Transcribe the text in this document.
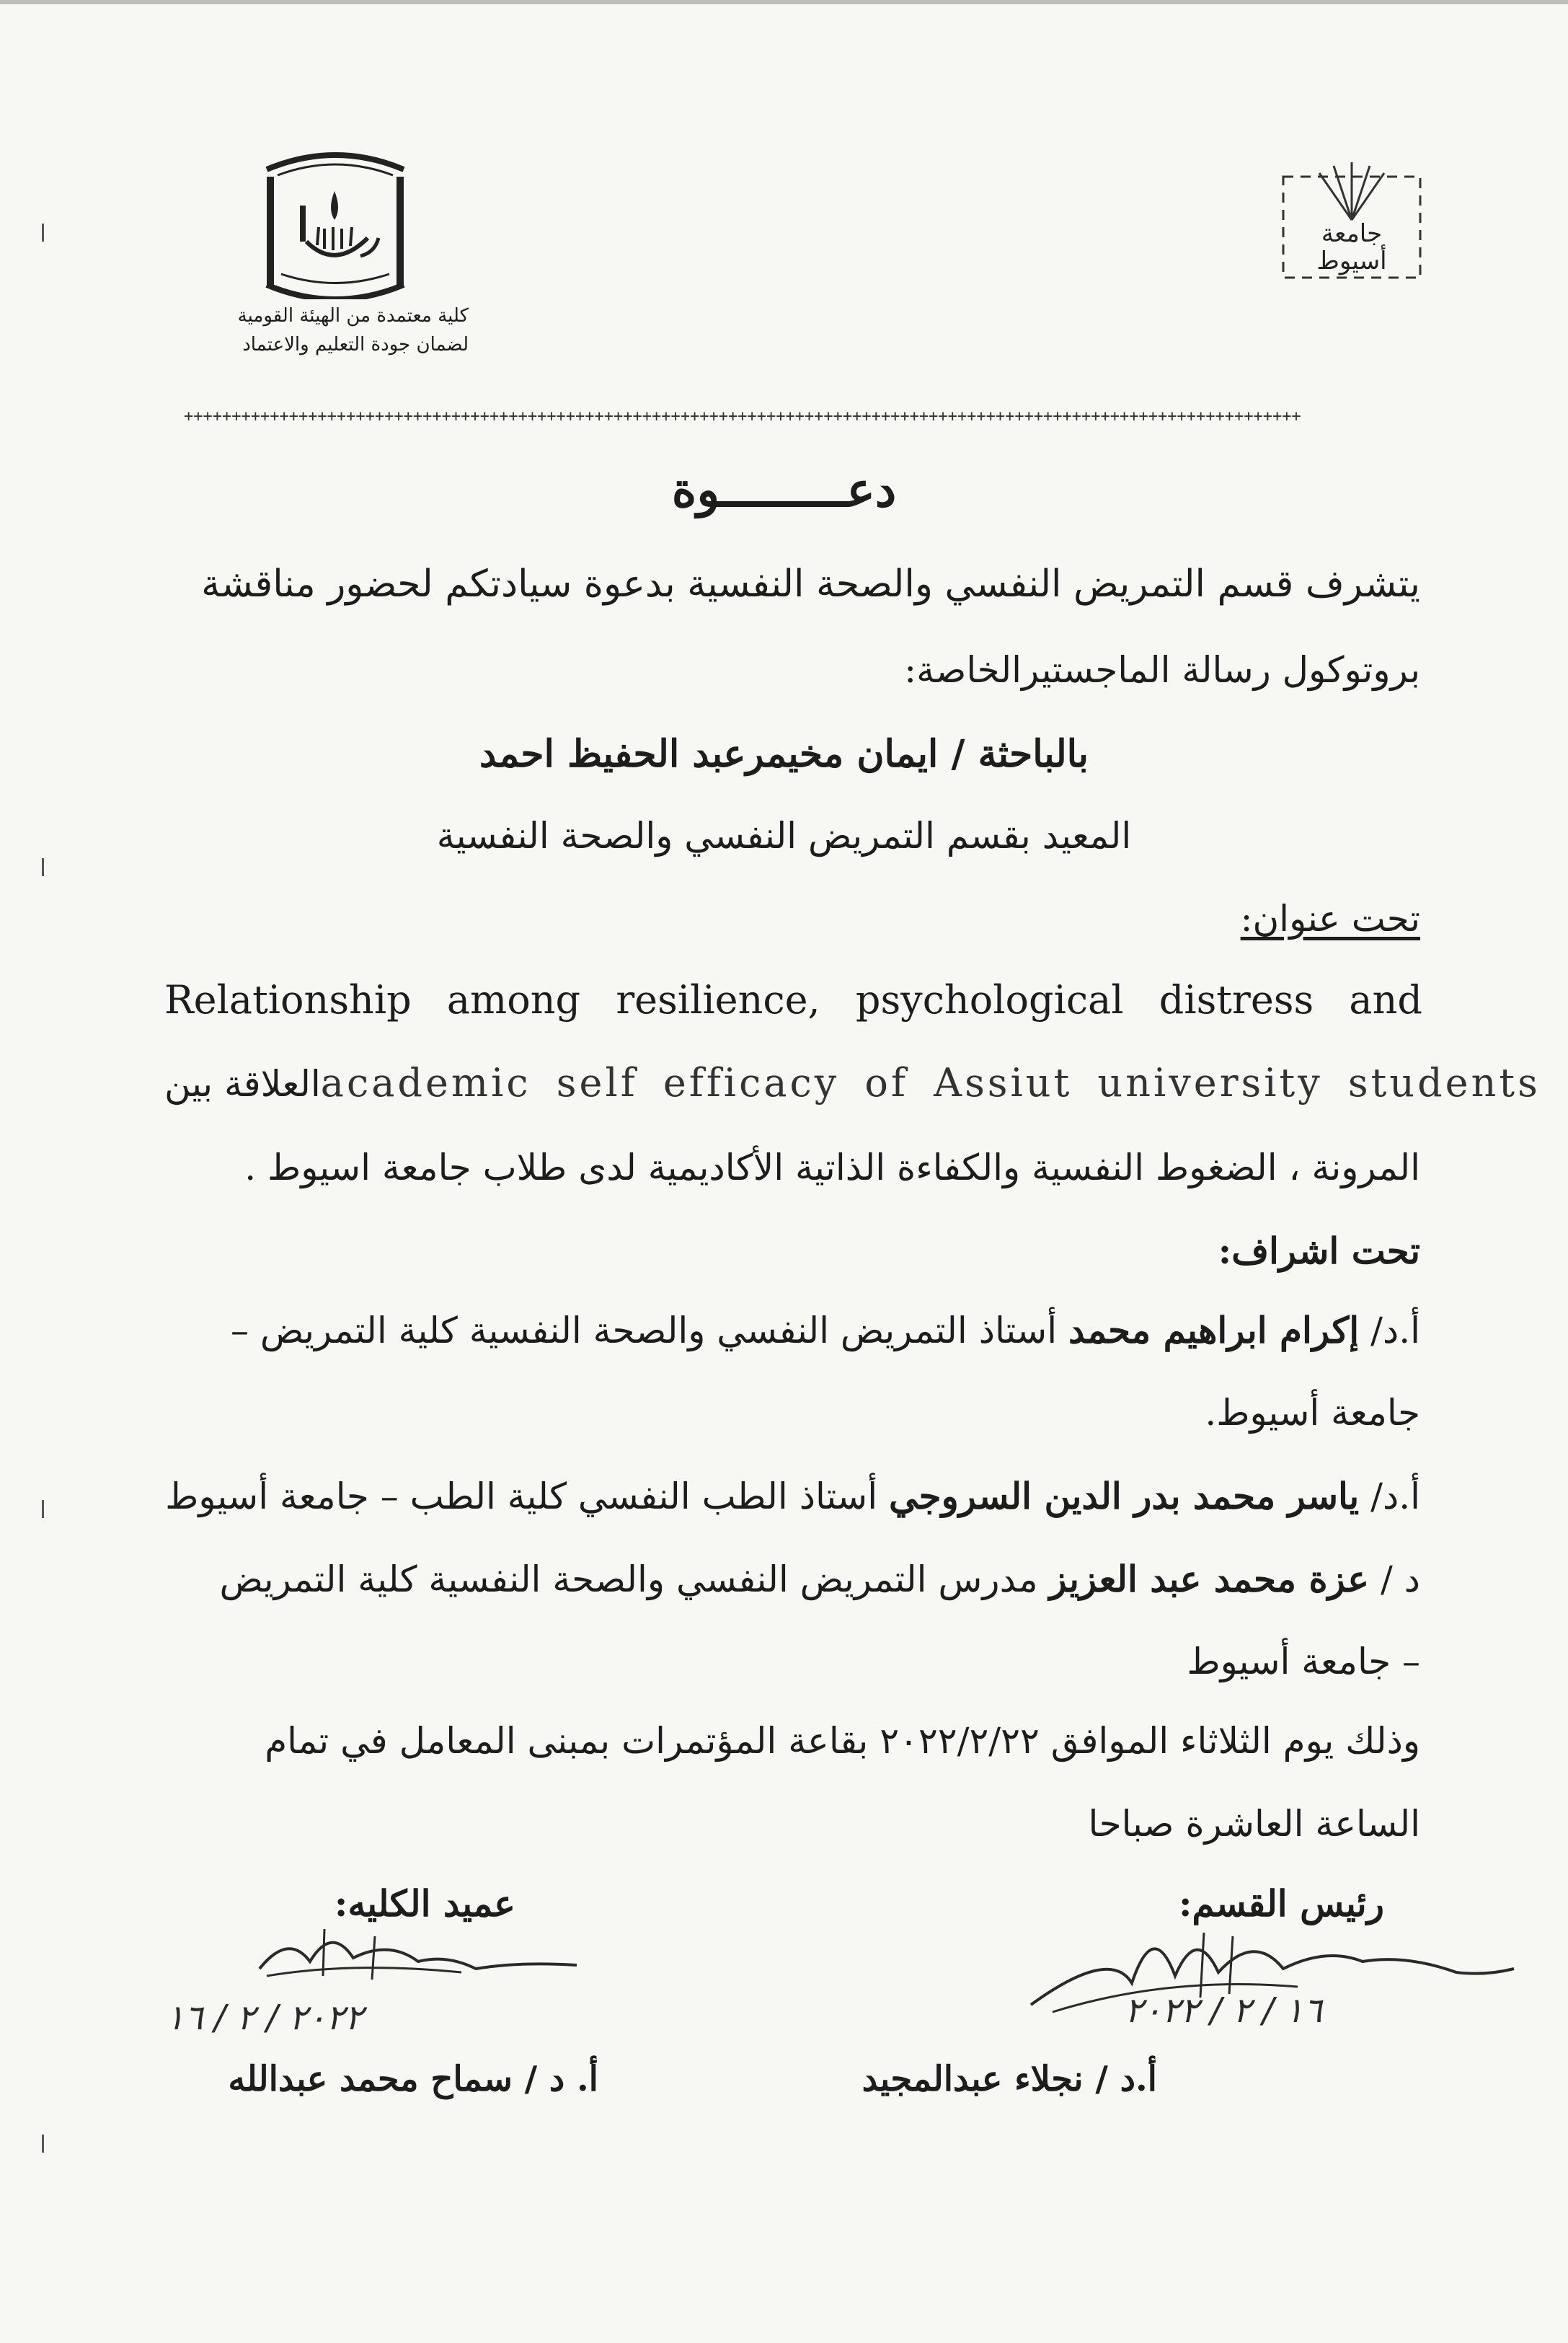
كلية معتمدة من الهيئة القومية
لضمان جودة التعليم والاعتماد
جامعة
أسيوط
+++++++++++++++++++++++++++++++++++++++++++++++++++++++++++++++++++++++++++++++++++++++++++++++++++++++++++++++++++++
دعـــــــــوة
يتشرف قسم التمريض النفسي والصحة النفسية بدعوة سيادتكم لحضور مناقشة
بروتوكول رسالة الماجستيرالخاصة:
بالباحثة / ايمان مخيمرعبد الحفيظ احمد
المعيد بقسم التمريض النفسي والصحة النفسية
تحت عنوان:
Relationship among resilience, psychological distress and
العلاقة بين academic self efficacy of Assiut university students
المرونة ، الضغوط النفسية والكفاءة الذاتية الأكاديمية لدى طلاب جامعة اسيوط .
تحت اشراف:
أ.د/ إكرام ابراهيم محمد أستاذ التمريض النفسي والصحة النفسية كلية التمريض –
جامعة أسيوط.
أ.د/ ياسر محمد بدر الدين السروجي أستاذ الطب النفسي كلية الطب – جامعة أسيوط
د / عزة محمد عبد العزيز مدرس التمريض النفسي والصحة النفسية كلية التمريض
– جامعة أسيوط
وذلك يوم الثلاثاء الموافق ٢٠٢٢/٢/٢٢ بقاعة المؤتمرات بمبنى المعامل في تمام
الساعة العاشرة صباحا
رئيس القسم:
عميد الكليه:
١٦ / ٢ / ٢٠٢٢
٢٠٢٢ / ٢ / ١٦
أ.د / نجلاء عبدالمجيد
أ. د / سماح محمد عبدالله
